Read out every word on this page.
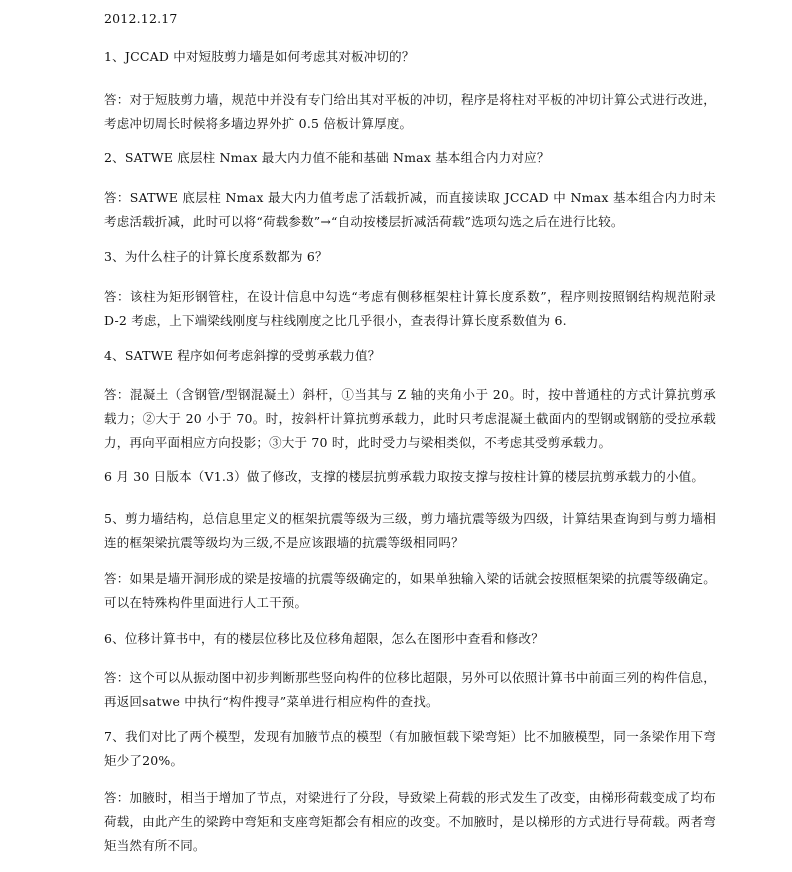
2012.12.17
1、JCCAD 中对短肢剪力墙是如何考虑其对板冲切的？
答：对于短肢剪力墙，规范中并没有专门给出其对平板的冲切，程序是将柱对平板的冲切计算公式进行改进，考虑冲切周长时候将多墙边界外扩 0.5 倍板计算厚度。
2、SATWE 底层柱 Nmax 最大内力值不能和基础 Nmax 基本组合内力对应？
答：SATWE 底层柱 Nmax 最大内力值考虑了活载折减，而直接读取 JCCAD 中 Nmax 基本组合内力时未考虑活载折减，此时可以将“荷载参数”→“自动按楼层折减活荷载”选项勾选之后在进行比较。
3、为什么柱子的计算长度系数都为 6？
答：该柱为矩形钢管柱，在设计信息中勾选“考虑有侧移框架柱计算长度系数”，程序则按照钢结构规范附录 D-2 考虑，上下端梁线刚度与柱线刚度之比几乎很小，查表得计算长度系数值为 6.
4、SATWE 程序如何考虑斜撑的受剪承载力值？
答：混凝土（含钢管/型钢混凝土）斜杆，①当其与 Z 轴的夹角小于 20。时，按中普通柱的方式计算抗剪承载力；②大于 20 小于 70。时，按斜杆计算抗剪承载力，此时只考虑混凝土截面内的型钢或钢筋的受拉承载力，再向平面相应方向投影；③大于 70 时，此时受力与梁相类似，不考虑其受剪承载力。
6 月 30 日版本（V1.3）做了修改，支撑的楼层抗剪承载力取按支撑与按柱计算的楼层抗剪承载力的小值。
5、剪力墙结构，总信息里定义的框架抗震等级为三级，剪力墙抗震等级为四级，计算结果查询到与剪力墙相连的框架梁抗震等级均为三级,不是应该跟墙的抗震等级相同吗？
答：如果是墙开洞形成的梁是按墙的抗震等级确定的，如果单独输入梁的话就会按照框架梁的抗震等级确定。可以在特殊构件里面进行人工干预。
6、位移计算书中，有的楼层位移比及位移角超限，怎么在图形中查看和修改？
答：这个可以从振动图中初步判断那些竖向构件的位移比超限，另外可以依照计算书中前面三列的构件信息，再返回satwe 中执行“构件搜寻”菜单进行相应构件的查找。
7、我们对比了两个模型，发现有加腋节点的模型（有加腋恒载下梁弯矩）比不加腋模型，同一条梁作用下弯矩少了20%。
答：加腋时，相当于增加了节点，对梁进行了分段，导致梁上荷载的形式发生了改变，由梯形荷载变成了均布荷载，由此产生的梁跨中弯矩和支座弯矩都会有相应的改变。不加腋时，是以梯形的方式进行导荷载。两者弯矩当然有所不同。
